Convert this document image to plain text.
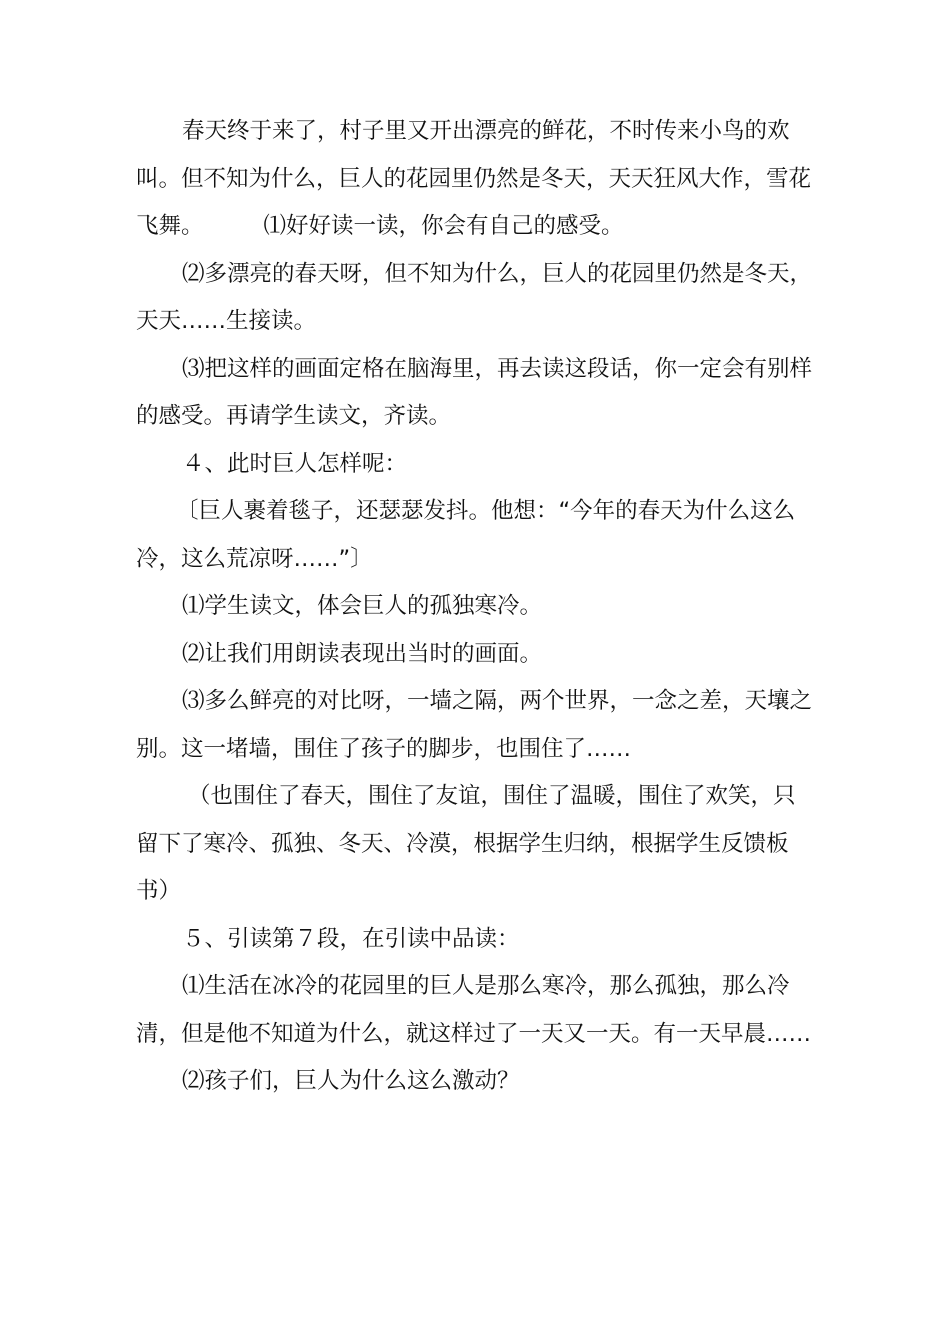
春天终于来了，村子里又开出漂亮的鲜花，不时传来小鸟的欢叫。但不知为什么，巨人的花园里仍然是冬天，天天狂风大作，雪花飞舞。	⑴好好读一读，你会有自己的感受。

⑵多漂亮的春天呀，但不知为什么，巨人的花园里仍然是冬天，天天……生接读。

⑶把这样的画面定格在脑海里，再去读这段话，你一定会有别样的感受。再请学生读文，齐读。

４、此时巨人怎样呢：

〔巨人裹着毯子，还瑟瑟发抖。他想：“今年的春天为什么这么冷，这么荒凉呀……”〕

⑴学生读文，体会巨人的孤独寒冷。

⑵让我们用朗读表现出当时的画面。

⑶多么鲜亮的对比呀，一墙之隔，两个世界，一念之差，天壤之别。这一堵墙，围住了孩子的脚步，也围住了……

（也围住了春天，围住了友谊，围住了温暖，围住了欢笑，只留下了寒冷、孤独、冬天、冷漠，根据学生归纳，根据学生反馈板书）

５、引读第７段，在引读中品读：

⑴生活在冰冷的花园里的巨人是那么寒冷，那么孤独，那么冷清，但是他不知道为什么，就这样过了一天又一天。有一天早晨……

⑵孩子们，巨人为什么这么激动？
